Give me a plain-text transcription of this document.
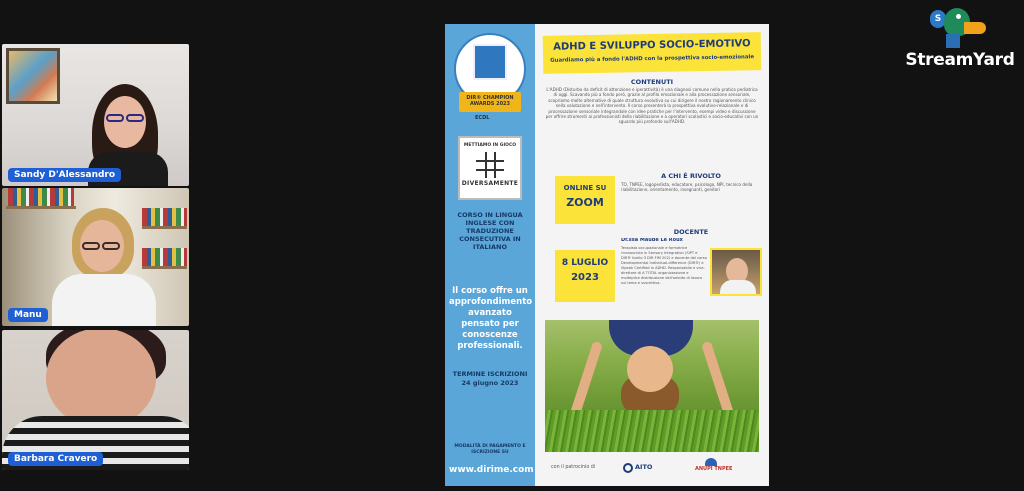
Sandy D'Alessandro
Manu
Barbara Cravero
DIR® CHAMPION AWARDS 2023
ECDL
METTIAMO IN GIOCO
DIVERSAMENTE
CORSO IN LINGUA INGLESE CON TRADUZIONE CONSECUTIVA IN ITALIANO
Il corso offre un approfondimento avanzato pensato per conoscenze professionali.
TERMINE ISCRIZIONI
24 giugno 2023
MODALITÀ DI PAGAMENTO E ISCRIZIONE SU
www.dirime.com
ADHD E SVILUPPO SOCIO-EMOTIVO
Guardiamo più a fondo l'ADHD con la prospettiva socio-emozionale
CONTENUTI
L'ADHD (Disturbo da deficit di attenzione e iperattività) è una diagnosi comune nella pratica pediatrica di oggi. Scavando più a fondo però, grazie al profilo emozionale e alla processazione sensoriale, scopriamo molte alternative di quale struttura evolutiva su cui dirigere il nostro ragionamento clinico nella valutazione e nell'intervento. Il corso presenterà la prospettiva evolutivo-relazionale e di processazione sensoriale integrandole con idee pratiche per l'intervento, esempi video e discussione per offrire strumenti ai professionisti della riabilitazione e a operatori scolastici e socio-educativi con un sguardo più profondo sull'ADHD.
ONLINE SU
ZOOM
A CHI È RIVOLTO
TO, TNPEE, logopedista, educatore, psicologo, NPI, tecnico della riabilitazione, orientamento, insegnanti, genitori
DOCENTE
Dr.ssa Maude Le Roux
Terapista occupazionale e formatrice riconosciuta in Sensory Integration (SIPT e DIR® livello 3 DIR FIM 202) e docente del corso Developmental Individual-difference (DIR®) e iSpeak Certified in ADHD. Responsabile e vice-direttore di A TOTAL organizzazione e molteplice distribuzione dell'ambito di lavoro sul tema e suscettiva.
8 LUGLIO
2023
con il patrocinio di	AITO	ANUPI TNPEE
S
StreamYard
